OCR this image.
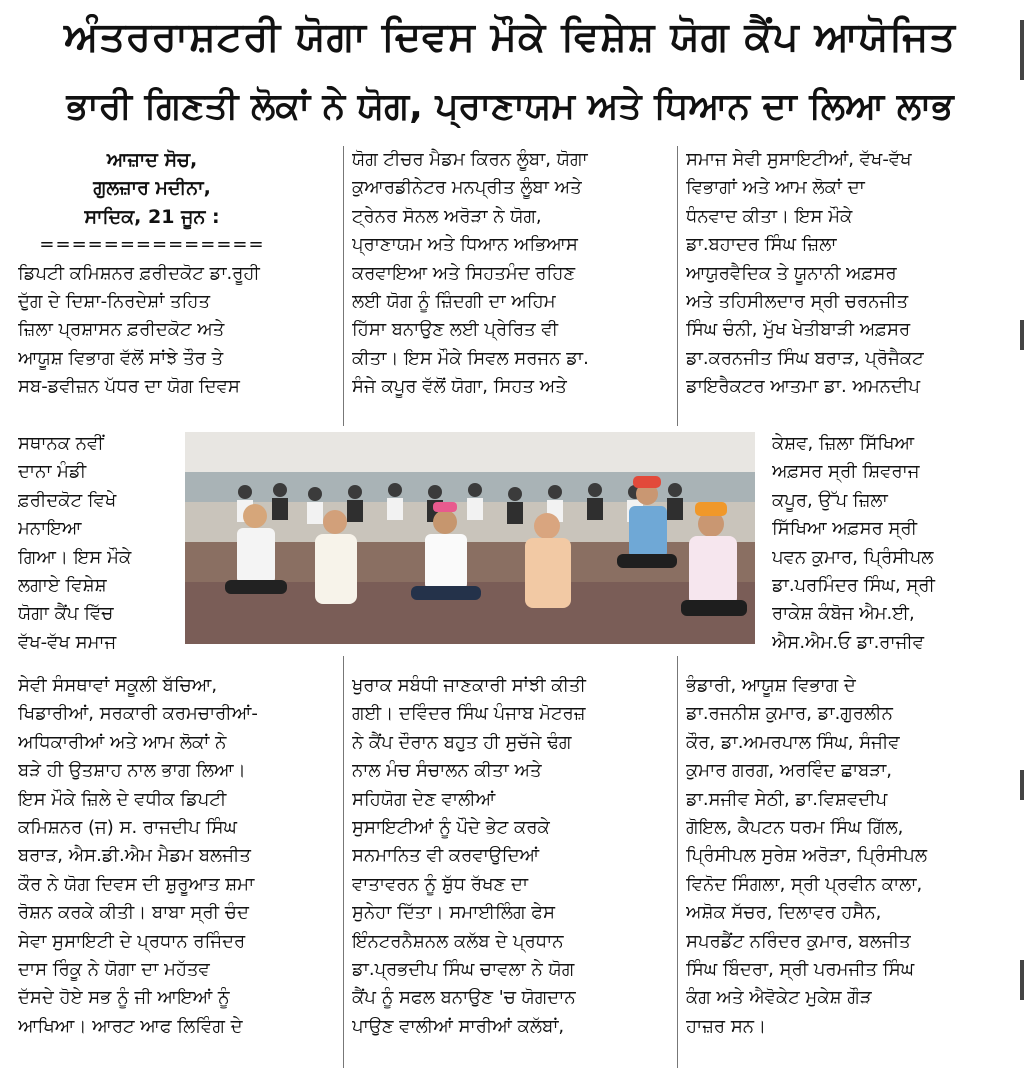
ਅੰਤਰਰਾਸ਼ਟਰੀ ਯੋਗਾ ਦਿਵਸ ਮੌਕੇ ਵਿਸ਼ੇਸ਼ ਯੋਗ ਕੈਂਪ ਆਯੋਜਿਤ
ਭਾਰੀ ਗਿਣਤੀ ਲੋਕਾਂ ਨੇ ਯੋਗ, ਪ੍ਰਾਣਾਯਮ ਅਤੇ ਧਿਆਨ ਦਾ ਲਿਆ ਲਾਭ
ਆਜ਼ਾਦ ਸੋਚ,
ਗੁਲਜ਼ਾਰ ਮਦੀਨਾ,
ਸਾਦਿਕ, 21 ਜੂਨ :
==============
ਡਿਪਟੀ ਕਮਿਸ਼ਨਰ ਫ਼ਰੀਦਕੋਟ ਡਾ.ਰੂਹੀ
ਦੁੱਗ ਦੇ ਦਿਸ਼ਾ-ਨਿਰਦੇਸ਼ਾਂ ਤਹਿਤ
ਜ਼ਿਲਾ ਪ੍ਰਸ਼ਾਸਨ ਫ਼ਰੀਦਕੋਟ ਅਤੇ
ਆਯੂਸ਼ ਵਿਭਾਗ ਵੱਲੋਂ ਸਾਂਝੇ ਤੌਰ ਤੇ
ਸਬ-ਡਵੀਜ਼ਨ ਪੱਧਰ ਦਾ ਯੋਗ ਦਿਵਸ
ਸਥਾਨਕ ਨਵੀਂ
ਦਾਨਾ ਮੰਡੀ
ਫ਼ਰੀਦਕੋਟ ਵਿਖੇ
ਮਨਾਇਆ
ਗਿਆ। ਇਸ ਮੌਕੇ
ਲਗਾਏ ਵਿਸ਼ੇਸ਼
ਯੋਗਾ ਕੈਂਪ ਵਿੱਚ
ਵੱਖ-ਵੱਖ ਸਮਾਜ
ਸੇਵੀ ਸੰਸਥਾਵਾਂ ਸਕੂਲੀ ਬੱਚਿਆ,
ਖਿਡਾਰੀਆਂ, ਸਰਕਾਰੀ ਕਰਮਚਾਰੀਆਂ-
ਅਧਿਕਾਰੀਆਂ ਅਤੇ ਆਮ ਲੋਕਾਂ ਨੇ
ਬੜੇ ਹੀ ਉਤਸ਼ਾਹ ਨਾਲ ਭਾਗ ਲਿਆ।
ਇਸ ਮੌਕੇ ਜ਼ਿਲੇ ਦੇ ਵਧੀਕ ਡਿਪਟੀ
ਕਮਿਸ਼ਨਰ (ਜ) ਸ. ਰਾਜਦੀਪ ਸਿੰਘ
ਬਰਾੜ, ਐਸ.ਡੀ.ਐਮ ਮੈਡਮ ਬਲਜੀਤ
ਕੌਰ ਨੇ ਯੋਗ ਦਿਵਸ ਦੀ ਸ਼ੁਰੂਆਤ ਸ਼ਮਾ
ਰੋਸ਼ਨ ਕਰਕੇ ਕੀਤੀ। ਬਾਬਾ ਸ੍ਰੀ ਚੰਦ
ਸੇਵਾ ਸੁਸਾਇਟੀ ਦੇ ਪ੍ਰਧਾਨ ਰਜਿੰਦਰ
ਦਾਸ ਰਿੰਕੂ ਨੇ ਯੋਗਾ ਦਾ ਮਹੱਤਵ
ਦੱਸਦੇ ਹੋਏ ਸਭ ਨੂੰ ਜੀ ਆਇਆਂ ਨੂੰ
ਆਖਿਆ। ਆਰਟ ਆਫ ਲਿਵਿੰਗ ਦੇ
ਯੋਗ ਟੀਚਰ ਮੈਡਮ ਕਿਰਨ ਲੂੰਬਾ, ਯੋਗਾ
ਕੁਆਰਡੀਨੇਟਰ ਮਨਪ੍ਰੀਤ ਲੂੰਬਾ ਅਤੇ
ਟ੍ਰੇਨਰ ਸੋਨਲ ਅਰੋੜਾ ਨੇ ਯੋਗ,
ਪ੍ਰਾਣਾਯਮ ਅਤੇ ਧਿਆਨ ਅਭਿਆਸ
ਕਰਵਾਇਆ ਅਤੇ ਸਿਹਤਮੰਦ ਰਹਿਣ
ਲਈ ਯੋਗ ਨੂੰ ਜ਼ਿੰਦਗੀ ਦਾ ਅਹਿਮ
ਹਿੱਸਾ ਬਨਾਉਣ ਲਈ ਪ੍ਰੇਰਿਤ ਵੀ
ਕੀਤਾ। ਇਸ ਮੌਕੇ ਸਿਵਲ ਸਰਜਨ ਡਾ.
ਸੰਜੇ ਕਪੂਰ ਵੱਲੋਂ ਯੋਗਾ, ਸਿਹਤ ਅਤੇ
ਖੁਰਾਕ ਸਬੰਧੀ ਜਾਣਕਾਰੀ ਸਾਂਝੀ ਕੀਤੀ
ਗਈ। ਦਵਿੰਦਰ ਸਿੰਘ ਪੰਜਾਬ ਮੋਟਰਜ਼
ਨੇ ਕੈਂਪ ਦੌਰਾਨ ਬਹੁਤ ਹੀ ਸੁਚੱਜੇ ਢੰਗ
ਨਾਲ ਮੰਚ ਸੰਚਾਲਨ ਕੀਤਾ ਅਤੇ
ਸਹਿਯੋਗ ਦੇਣ ਵਾਲੀਆਂ
ਸੁਸਾਇਟੀਆਂ ਨੂੰ ਪੌਦੇ ਭੇਟ ਕਰਕੇ
ਸਨਮਾਨਿਤ ਵੀ ਕਰਵਾਉਦਿਆਂ
ਵਾਤਾਵਰਨ ਨੂੰ ਸ਼ੁੱਧ ਰੱਖਣ ਦਾ
ਸੁਨੇਹਾ ਦਿੱਤਾ। ਸਮਾਈਲਿੰਗ ਫੇਸ
ਇੰਨਟਰਨੈਸ਼ਨਲ ਕਲੱਬ ਦੇ ਪ੍ਰਧਾਨ
ਡਾ.ਪ੍ਰਭਦੀਪ ਸਿੰਘ ਚਾਵਲਾ ਨੇ ਯੋਗ
ਕੈਂਪ ਨੂੰ ਸਫਲ ਬਨਾਉਣ 'ਚ ਯੋਗਦਾਨ
ਪਾਉਣ ਵਾਲੀਆਂ ਸਾਰੀਆਂ ਕਲੱਬਾਂ,
ਸਮਾਜ ਸੇਵੀ ਸੁਸਾਇਟੀਆਂ, ਵੱਖ-ਵੱਖ
ਵਿਭਾਗਾਂ ਅਤੇ ਆਮ ਲੋਕਾਂ ਦਾ
ਧੰਨਵਾਦ ਕੀਤਾ। ਇਸ ਮੌਕੇ
ਡਾ.ਬਹਾਦਰ ਸਿੰਘ ਜ਼ਿਲਾ
ਆਯੁਰਵੈਦਿਕ ਤੇ ਯੂਨਾਨੀ ਅਫ਼ਸਰ
ਅਤੇ ਤਹਿਸੀਲਦਾਰ ਸ੍ਰੀ ਚਰਨਜੀਤ
ਸਿੰਘ ਚੰਨੀ, ਮੁੱਖ ਖੇਤੀਬਾੜੀ ਅਫ਼ਸਰ
ਡਾ.ਕਰਨਜੀਤ ਸਿੰਘ ਬਰਾੜ, ਪ੍ਰੋਜੈਕਟ
ਡਾਇਰੈਕਟਰ ਆਤਮਾ ਡਾ. ਅਮਨਦੀਪ
ਕੇਸ਼ਵ, ਜ਼ਿਲਾ ਸਿੱਖਿਆ
ਅਫ਼ਸਰ ਸ੍ਰੀ ਸ਼ਿਵਰਾਜ
ਕਪੂਰ, ਉੱਪ ਜ਼ਿਲਾ
ਸਿੱਖਿਆ ਅਫ਼ਸਰ ਸ੍ਰੀ
ਪਵਨ ਕੁਮਾਰ, ਪ੍ਰਿੰਸੀਪਲ
ਡਾ.ਪਰਮਿੰਦਰ ਸਿੰਘ, ਸ੍ਰੀ
ਰਾਕੇਸ਼ ਕੰਬੋਜ ਐਮ.ਈ,
ਐਸ.ਐਮ.ਓ ਡਾ.ਰਾਜੀਵ
ਭੰਡਾਰੀ, ਆਯੂਸ਼ ਵਿਭਾਗ ਦੇ
ਡਾ.ਰਜਨੀਸ਼ ਕੁਮਾਰ, ਡਾ.ਗੁਰਲੀਨ
ਕੌਰ, ਡਾ.ਅਮਰਪਾਲ ਸਿੰਘ, ਸੰਜੀਵ
ਕੁਮਾਰ ਗਰਗ, ਅਰਵਿੰਦ ਛਾਬੜਾ,
ਡਾ.ਸਜੀਵ ਸੇਠੀ, ਡਾ.ਵਿਸ਼ਵਦੀਪ
ਗੋਇਲ, ਕੈਪਟਨ ਧਰਮ ਸਿੰਘ ਗਿੱਲ,
ਪ੍ਰਿੰਸੀਪਲ ਸੁਰੇਸ਼ ਅਰੋੜਾ, ਪ੍ਰਿੰਸੀਪਲ
ਵਿਨੋਦ ਸਿੰਗਲਾ, ਸ੍ਰੀ ਪ੍ਰਵੀਨ ਕਾਲਾ,
ਅਸ਼ੋਕ ਸੱਚਰ, ਦਿਲਾਵਰ ਹਸੈਨ,
ਸਪਰਡੈਂਟ ਨਰਿੰਦਰ ਕੁਮਾਰ, ਬਲਜੀਤ
ਸਿੰਘ ਬਿੰਦਰਾ, ਸ੍ਰੀ ਪਰਮਜੀਤ ਸਿੰਘ
ਕੰਗ ਅਤੇ ਐਵੋਕੇਟ ਮੁਕੇਸ਼ ਗੌੜ
ਹਾਜ਼ਰ ਸਨ।
